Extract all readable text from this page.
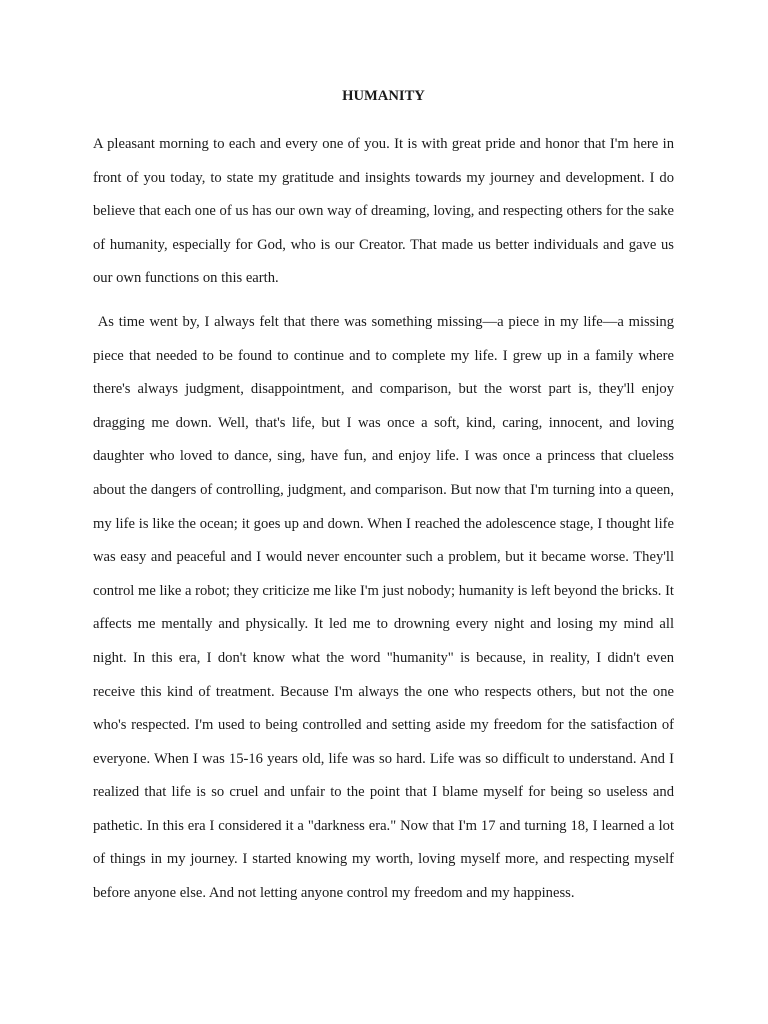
HUMANITY

A pleasant morning to each and every one of you. It is with great pride and honor that I'm here in front of you today, to state my gratitude and insights towards my journey and development. I do believe that each one of us has our own way of dreaming, loving, and respecting others for the sake of humanity, especially for God, who is our Creator. That made us better individuals and gave us our own functions on this earth.

As time went by, I always felt that there was something missing—a piece in my life—a missing piece that needed to be found to continue and to complete my life. I grew up in a family where there's always judgment, disappointment, and comparison, but the worst part is, they'll enjoy dragging me down. Well, that's life, but I was once a soft, kind, caring, innocent, and loving daughter who loved to dance, sing, have fun, and enjoy life. I was once a princess that clueless about the dangers of controlling, judgment, and comparison. But now that I'm turning into a queen, my life is like the ocean; it goes up and down. When I reached the adolescence stage, I thought life was easy and peaceful and I would never encounter such a problem, but it became worse. They'll control me like a robot; they criticize me like I'm just nobody; humanity is left beyond the bricks. It affects me mentally and physically. It led me to drowning every night and losing my mind all night. In this era, I don't know what the word "humanity" is because, in reality, I didn't even receive this kind of treatment. Because I'm always the one who respects others, but not the one who's respected. I'm used to being controlled and setting aside my freedom for the satisfaction of everyone. When I was 15-16 years old, life was so hard. Life was so difficult to understand. And I realized that life is so cruel and unfair to the point that I blame myself for being so useless and pathetic. In this era I considered it a "darkness era." Now that I'm 17 and turning 18, I learned a lot of things in my journey. I started knowing my worth, loving myself more, and respecting myself before anyone else. And not letting anyone control my freedom and my happiness.
